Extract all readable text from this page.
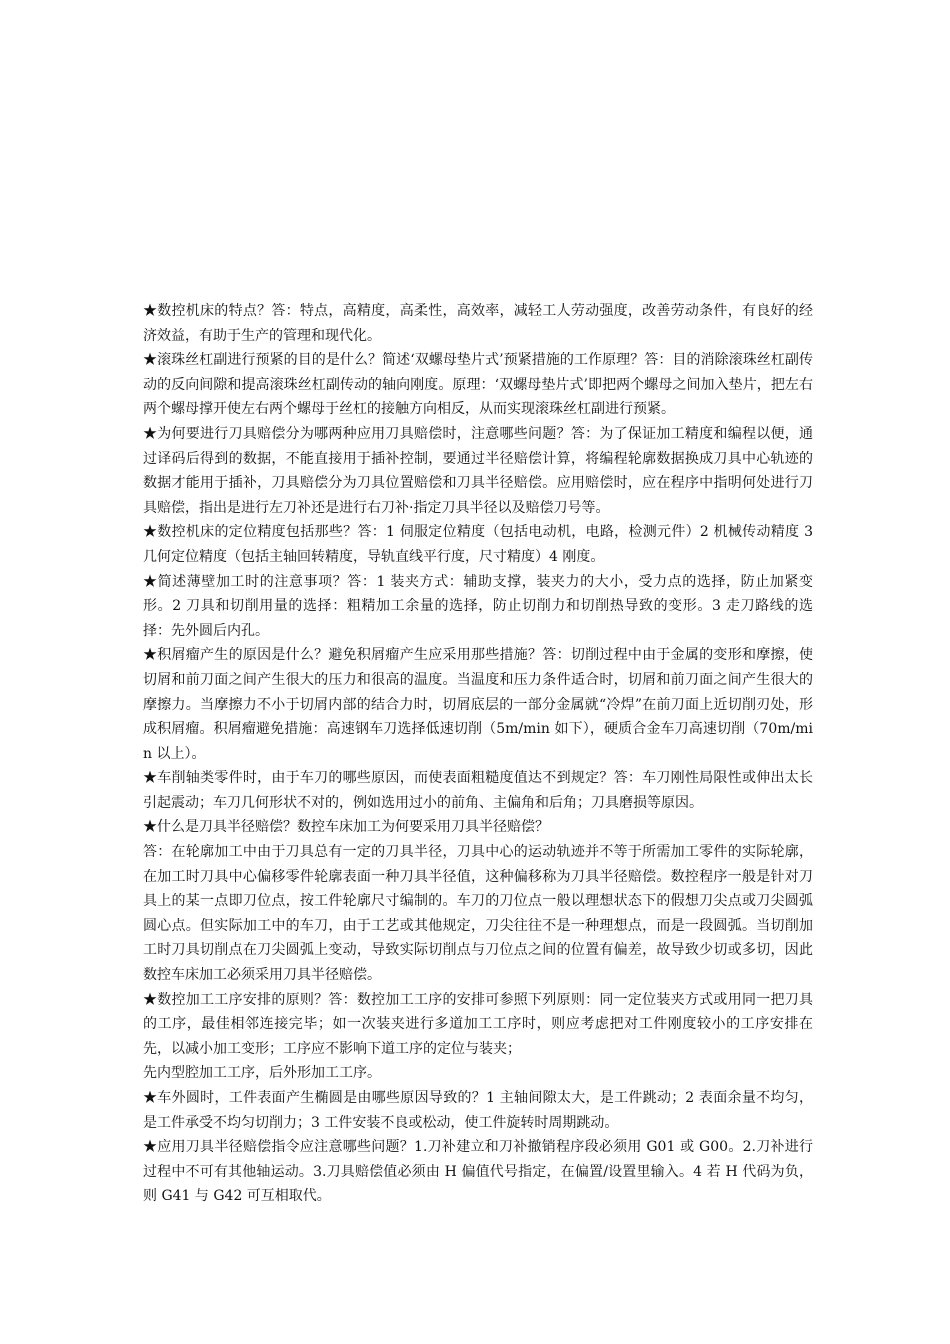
★数控机床的特点？答：特点，高精度，高柔性，高效率，减轻工人劳动强度，改善劳动条件，有良好的经济效益，有助于生产的管理和现代化。

★滚珠丝杠副进行预紧的目的是什么？简述‘双螺母垫片式’预紧措施的工作原理？答：目的消除滚珠丝杠副传动的反向间隙和提高滚珠丝杠副传动的轴向刚度。原理：‘双螺母垫片式’即把两个螺母之间加入垫片，把左右两个螺母撑开使左右两个螺母于丝杠的接触方向相反，从而实现滚珠丝杠副进行预紧。

★为何要进行刀具赔偿分为哪两种应用刀具赔偿时，注意哪些问题？答：为了保证加工精度和编程以便，通过译码后得到的数据，不能直接用于插补控制，要通过半径赔偿计算，将编程轮廓数据换成刀具中心轨迹的数据才能用于插补，刀具赔偿分为刀具位置赔偿和刀具半径赔偿。应用赔偿时，应在程序中指明何处进行刀具赔偿，指出是进行左刀补还是进行右刀补·指定刀具半径以及赔偿刀号等。

★数控机床的定位精度包括那些？答：1 伺服定位精度（包括电动机，电路，检测元件）2 机械传动精度 3 几何定位精度（包括主轴回转精度，导轨直线平行度，尺寸精度）4 刚度。

★简述薄壁加工时的注意事项？答：1 装夹方式：辅助支撑，装夹力的大小，受力点的选择，防止加紧变形。2 刀具和切削用量的选择：粗精加工余量的选择，防止切削力和切削热导致的变形。3 走刀路线的选择：先外圆后内孔。

★积屑瘤产生的原因是什么？避免积屑瘤产生应采用那些措施？答：切削过程中由于金属的变形和摩擦，使切屑和前刀面之间产生很大的压力和很高的温度。当温度和压力条件适合时，切屑和前刀面之间产生很大的摩擦力。当摩擦力不小于切屑内部的结合力时，切屑底层的一部分金属就“冷焊”在前刀面上近切削刃处，形成积屑瘤。积屑瘤避免措施：高速钢车刀选择低速切削（5m/min 如下），硬质合金车刀高速切削（70m/min 以上）。

★车削轴类零件时，由于车刀的哪些原因，而使表面粗糙度值达不到规定？答：车刀刚性局限性或伸出太长引起震动；车刀几何形状不对的，例如选用过小的前角、主偏角和后角；刀具磨损等原因。

★什么是刀具半径赔偿？数控车床加工为何要采用刀具半径赔偿？

答：在轮廓加工中由于刀具总有一定的刀具半径，刀具中心的运动轨迹并不等于所需加工零件的实际轮廓，在加工时刀具中心偏移零件轮廓表面一种刀具半径值，这种偏移称为刀具半径赔偿。数控程序一般是针对刀具上的某一点即刀位点，按工件轮廓尺寸编制的。车刀的刀位点一般以理想状态下的假想刀尖点或刀尖圆弧圆心点。但实际加工中的车刀，由于工艺或其他规定，刀尖往往不是一种理想点，而是一段圆弧。当切削加工时刀具切削点在刀尖圆弧上变动，导致实际切削点与刀位点之间的位置有偏差，故导致少切或多切，因此数控车床加工必须采用刀具半径赔偿。

★数控加工工序安排的原则？答：数控加工工序的安排可参照下列原则：同一定位装夹方式或用同一把刀具的工序，最佳相邻连接完毕；如一次装夹进行多道加工工序时，则应考虑把对工件刚度较小的工序安排在先，以减小加工变形；工序应不影响下道工序的定位与装夹；

先内型腔加工工序，后外形加工工序。

★车外圆时，工件表面产生椭圆是由哪些原因导致的？1 主轴间隙太大，是工件跳动；2 表面余量不均匀，是工件承受不均匀切削力；3 工件安装不良或松动，使工件旋转时周期跳动。

★应用刀具半径赔偿指令应注意哪些问题？1.刀补建立和刀补撤销程序段必须用 G01 或 G00。2.刀补进行过程中不可有其他轴运动。3.刀具赔偿值必须由 H 偏值代号指定，在偏置/设置里输入。4 若 H 代码为负，则 G41 与 G42 可互相取代。
